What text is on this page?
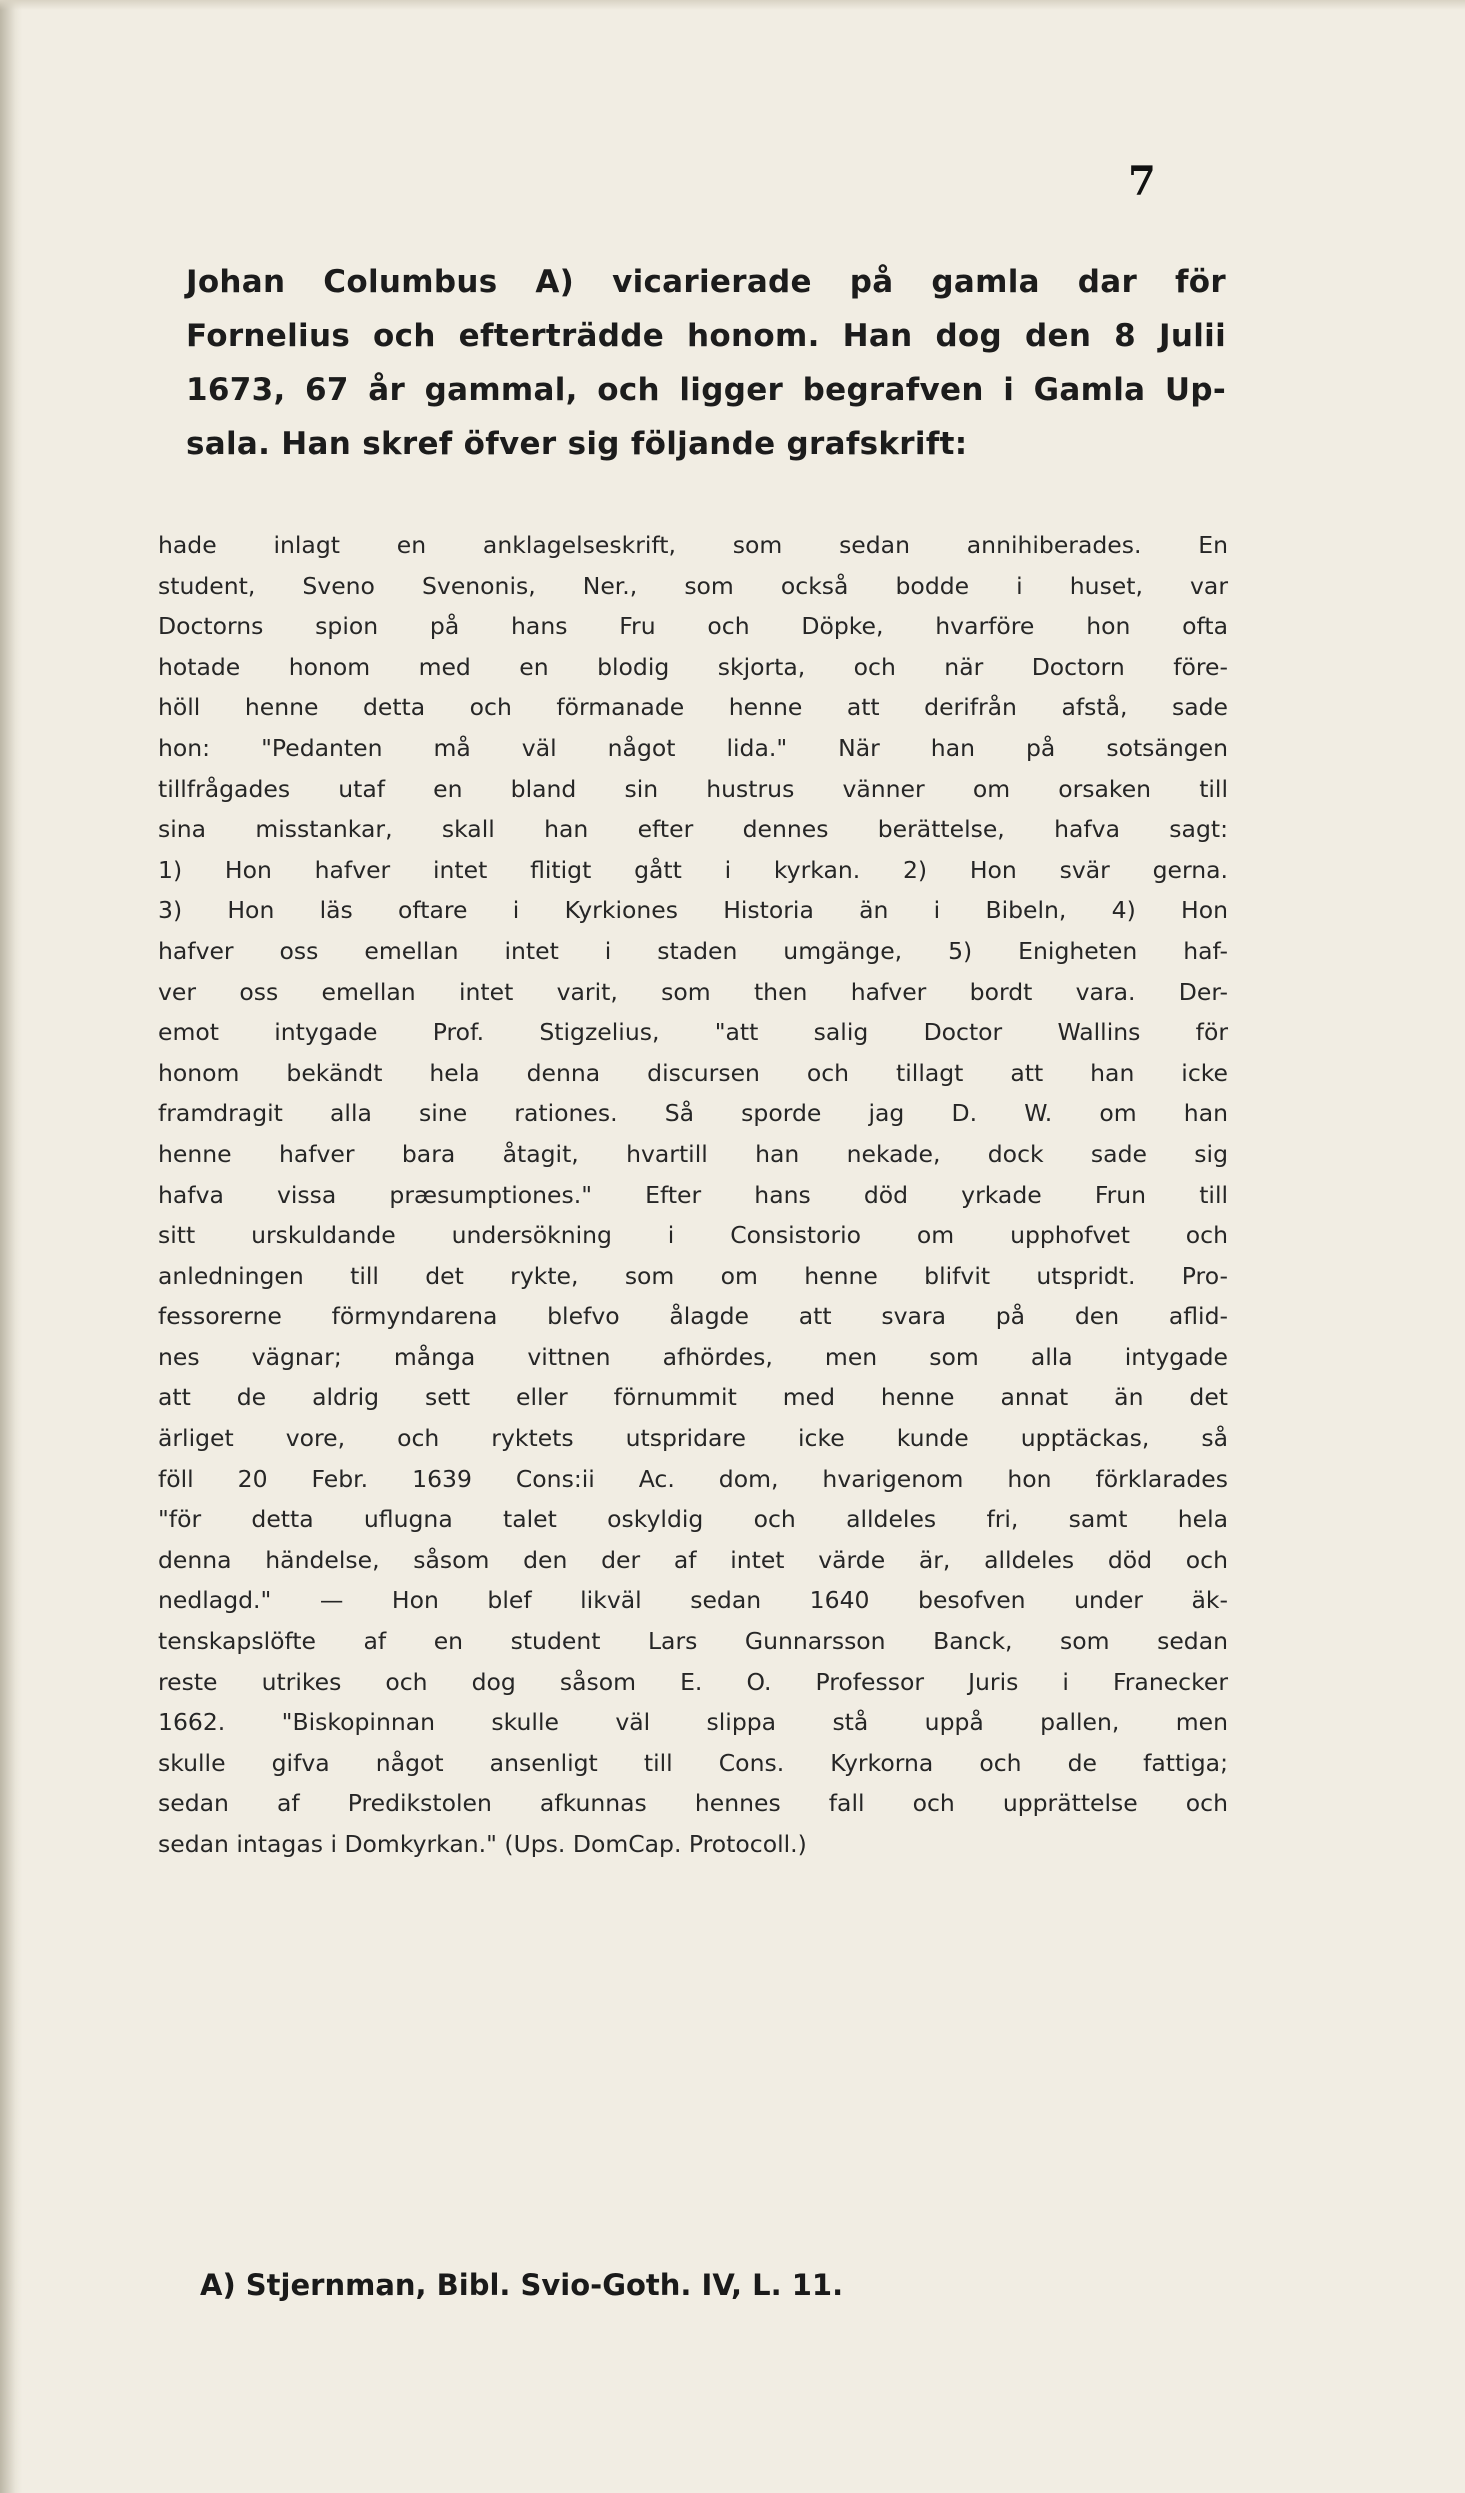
7
Johan Columbus A) vicarierade på gamla dar för
Fornelius och efterträdde honom. Han dog den 8 Julii
1673, 67 år gammal, och ligger begrafven i Gamla Up-
sala. Han skref öfver sig följande grafskrift:
hade inlagt en anklagelseskrift, som sedan annihiberades. En
student, Sveno Svenonis, Ner., som också bodde i huset, var
Doctorns spion på hans Fru och Döpke, hvarföre hon ofta
hotade honom med en blodig skjorta, och när Doctorn före-
höll henne detta och förmanade henne att derifrån afstå, sade
hon: "Pedanten må väl något lida." När han på sotsängen
tillfrågades utaf en bland sin hustrus vänner om orsaken till
sina misstankar, skall han efter dennes berättelse, hafva sagt:
1) Hon hafver intet flitigt gått i kyrkan. 2) Hon svär gerna.
3) Hon läs oftare i Kyrkiones Historia än i Bibeln, 4) Hon
hafver oss emellan intet i staden umgänge, 5) Enigheten haf-
ver oss emellan intet varit, som then hafver bordt vara. Der-
emot intygade Prof. Stigzelius, "att salig Doctor Wallins för
honom bekändt hela denna discursen och tillagt att han icke
framdragit alla sine rationes. Så sporde jag D. W. om han
henne hafver bara åtagit, hvartill han nekade, dock sade sig
hafva vissa præsumptiones." Efter hans död yrkade Frun till
sitt urskuldande undersökning i Consistorio om upphofvet och
anledningen till det rykte, som om henne blifvit utspridt. Pro-
fessorerne förmyndarena blefvo ålagde att svara på den aflid-
nes vägnar; många vittnen afhördes, men som alla intygade
att de aldrig sett eller förnummit med henne annat än det
ärliget vore, och ryktets utspridare icke kunde upptäckas, så
föll 20 Febr. 1639 Cons:ii Ac. dom, hvarigenom hon förklarades
"för detta uflugna talet oskyldig och alldeles fri, samt hela
denna händelse, såsom den der af intet värde är, alldeles död och
nedlagd." — Hon blef likväl sedan 1640 besofven under äk-
tenskapslöfte af en student Lars Gunnarsson Banck, som sedan
reste utrikes och dog såsom E. O. Professor Juris i Franecker
1662. "Biskopinnan skulle väl slippa stå uppå pallen, men
skulle gifva något ansenligt till Cons. Kyrkorna och de fattiga;
sedan af Predikstolen afkunnas hennes fall och upprättelse och
sedan intagas i Domkyrkan." (Ups. DomCap. Protocoll.)
A) Stjernman, Bibl. Svio-Goth. IV, L. 11.
